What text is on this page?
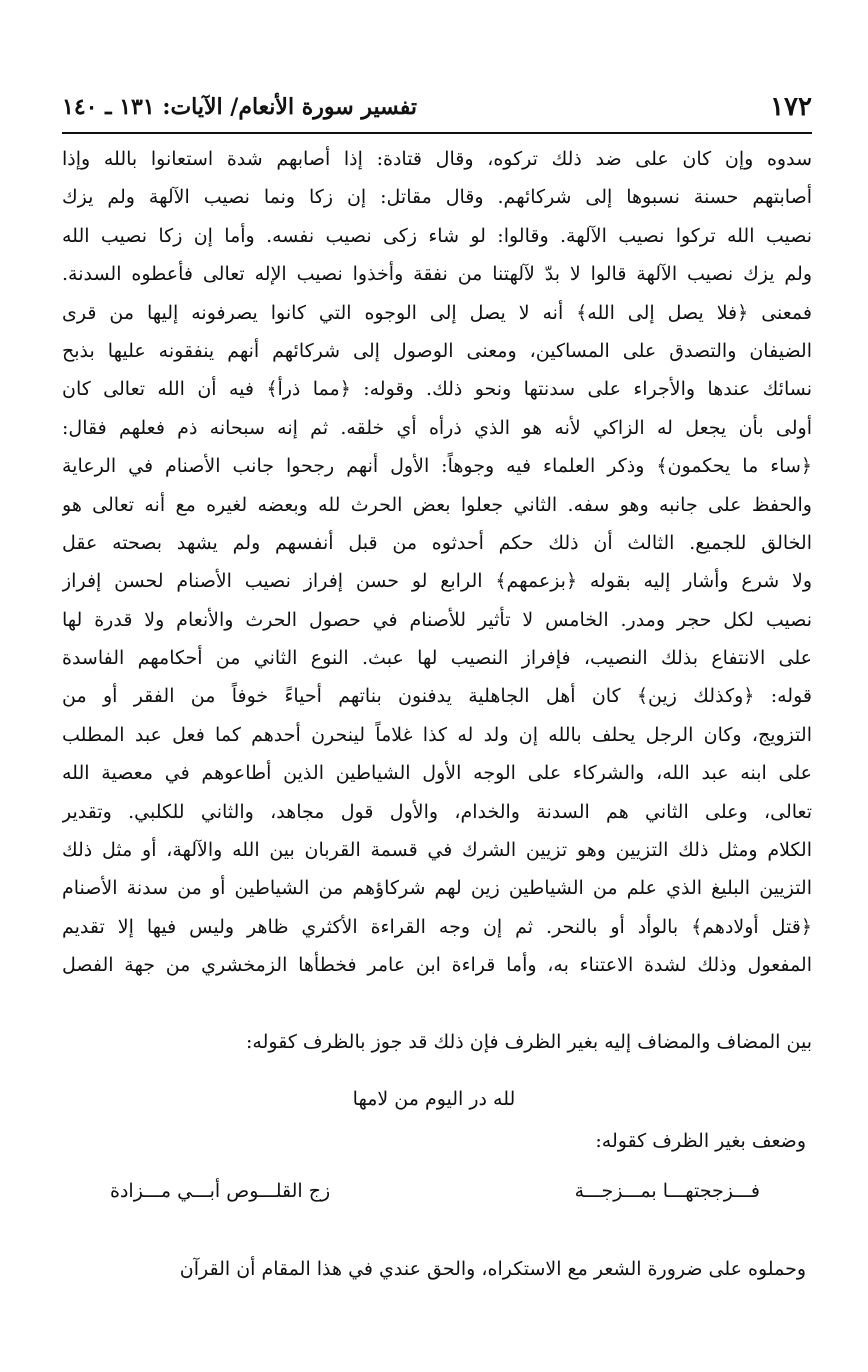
١٧٢
تفسير سورة الأنعام/ الآيات: ١٣١ ـ ١٤٠
سدوه وإن كان على ضد ذلك تركوه، وقال قتادة: إذا أصابهم شدة استعانوا بالله وإذا
أصابتهم حسنة نسبوها إلى شركائهم. وقال مقاتل: إن زكا ونما نصيب الآلهة ولم يزك
نصيب الله تركوا نصيب الآلهة. وقالوا: لو شاء زكى نصيب نفسه. وأما إن زكا نصيب الله
ولم يزك نصيب الآلهة قالوا لا بدّ لآلهتنا من نفقة وأخذوا نصيب الإله تعالى فأعطوه السدنة.
فمعنى ﴿فلا يصل إلى الله﴾ أنه لا يصل إلى الوجوه التي كانوا يصرفونه إليها من قرى
الضيفان والتصدق على المساكين، ومعنى الوصول إلى شركائهم أنهم ينفقونه عليها بذبح
نسائك عندها والأجراء على سدنتها ونحو ذلك. وقوله: ﴿مما ذرأ﴾ فيه أن الله تعالى كان
أولى بأن يجعل له الزاكي لأنه هو الذي ذرأه أي خلقه. ثم إنه سبحانه ذم فعلهم فقال:
﴿ساء ما يحكمون﴾ وذكر العلماء فيه وجوهاً: الأول أنهم رجحوا جانب الأصنام في الرعاية
والحفظ على جانبه وهو سفه. الثاني جعلوا بعض الحرث لله وبعضه لغيره مع أنه تعالى هو
الخالق للجميع. الثالث أن ذلك حكم أحدثوه من قبل أنفسهم ولم يشهد بصحته عقل
ولا شرع وأشار إليه بقوله ﴿بزعمهم﴾ الرابع لو حسن إفراز نصيب الأصنام لحسن إفراز
نصيب لكل حجر ومدر. الخامس لا تأثير للأصنام في حصول الحرث والأنعام ولا قدرة لها
على الانتفاع بذلك النصيب، فإفراز النصيب لها عبث. النوع الثاني من أحكامهم الفاسدة
قوله: ﴿وكذلك زين﴾ كان أهل الجاهلية يدفنون بناتهم أحياءً خوفاً من الفقر أو من
التزويج، وكان الرجل يحلف بالله إن ولد له كذا غلاماً لينحرن أحدهم كما فعل عبد المطلب
على ابنه عبد الله، والشركاء على الوجه الأول الشياطين الذين أطاعوهم في معصية الله
تعالى، وعلى الثاني هم السدنة والخدام، والأول قول مجاهد، والثاني للكلبي. وتقدير
الكلام ومثل ذلك التزيين وهو تزيين الشرك في قسمة القربان بين الله والآلهة، أو مثل ذلك
التزيين البليغ الذي علم من الشياطين زين لهم شركاؤهم من الشياطين أو من سدنة الأصنام
﴿قتل أولادهم﴾ بالوأد أو بالنحر. ثم إن وجه القراءة الأكثري ظاهر وليس فيها إلا تقديم
المفعول وذلك لشدة الاعتناء به، وأما قراءة ابن عامر فخطأها الزمخشري من جهة الفصل
بين المضاف والمضاف إليه بغير الظرف فإن ذلك قد جوز بالظرف كقوله:
لله در اليوم من لامها
وضعف بغير الظرف كقوله:
فـــزججتهـــا بمـــزجـــة
زج القلـــوص أبـــي مـــزادة
وحملوه على ضرورة الشعر مع الاستكراه، والحق عندي في هذا المقام أن القرآن
